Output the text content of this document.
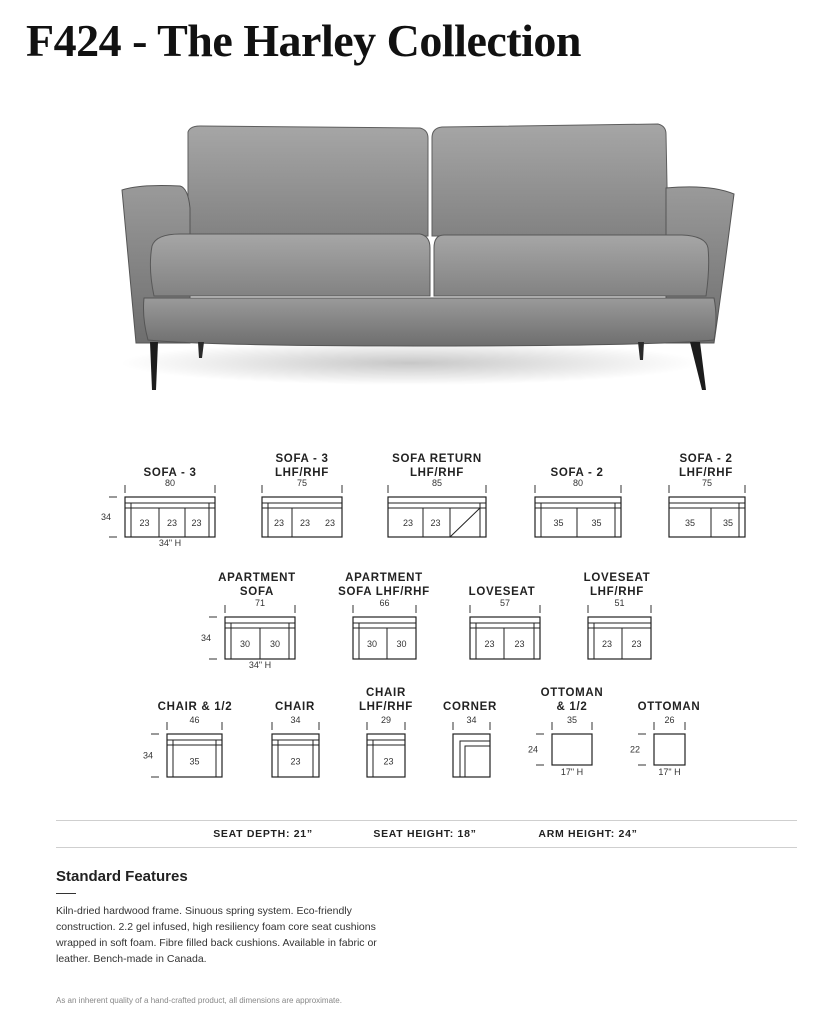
F424 - The Harley Collection
80
34
34" H
23 23 23
75
23 23 23
85
23 23
80
35	35
75
35	35
71
34
34" H
30 30
66
30 30
57
23 23
51
23 23
46
34
35
34
23
29
23
34	35
24
17" H
26
22
17" H
SEAT DEPTH: 21”	SEAT HEIGHT: 18”	ARM HEIGHT: 24”
Standard Features

Kiln-dried hardwood frame. Sinuous spring system. Eco-friendly construction. 2.2 gel infused, high resiliency foam core seat cushions wrapped in soft foam. Fibre filled back cushions. Available in fabric or leather. Bench-made in Canada.

As an inherent quality of a hand-crafted product, all dimensions are approximate.

SOFA - 3
SOFA - 3
LHF/RHF
SOFA RETURN
LHF/RHF	SOFA - 2
SOFA - 2
LHF/RHF
APARTMENT
SOFA
APARTMENT
SOFA LHF/RHF	LOVESEAT
LOVESEAT
LHF/RHF
CHAIR & 1/2	CHAIR
CHAIR
LHF/RHF	CORNER
OTTOMAN
& 1/2	OTTOMAN
